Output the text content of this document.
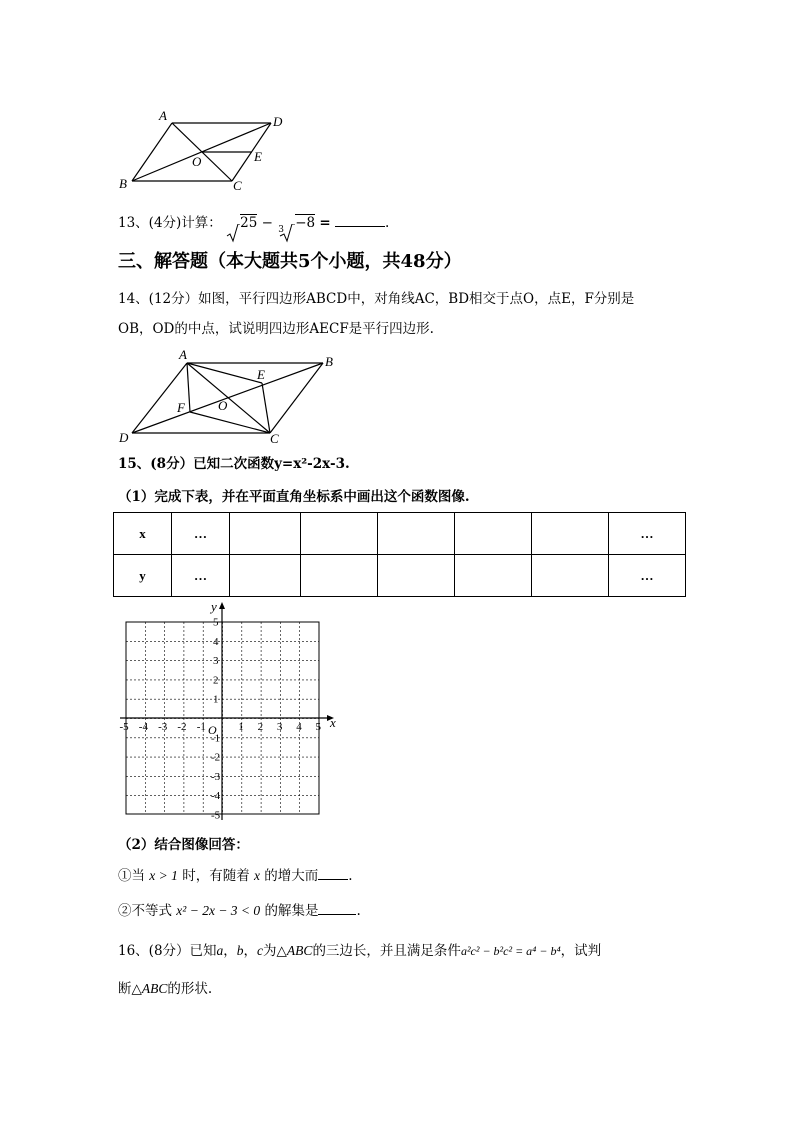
A	D
O	E
B	C
13、(4分)计算： 25 − 3 −8 =	.
三、解答题（本大题共5个小题，共48分）
14、(12分）如图，平行四边形ABCD中，对角线AC，BD相交于点O，点E，F分别是
OB，OD的中点，试说明四边形AECF是平行四边形.
A	B
E
F	O
D	C
15、(8分）已知二次函数y=x²-2x-3.
（1）完成下表，并在平面直角坐标系中画出这个函数图像.
x	…						…
y	…						…
x
y
O
-5 -4 -3 -2 -1	1 2 3 4 5
5
4
3
2
1
-1
-2
-3
-4
-5
（2）结合图像回答：
①当 x > 1 时，有随着 x 的增大而 .
②不等式 x² − 2x − 3 < 0 的解集是	.
16、(8分）已知a，b，c为△ABC的三边长，并且满足条件a²c² − b²c² = a⁴ − b⁴，试判
断△ABC的形状.
